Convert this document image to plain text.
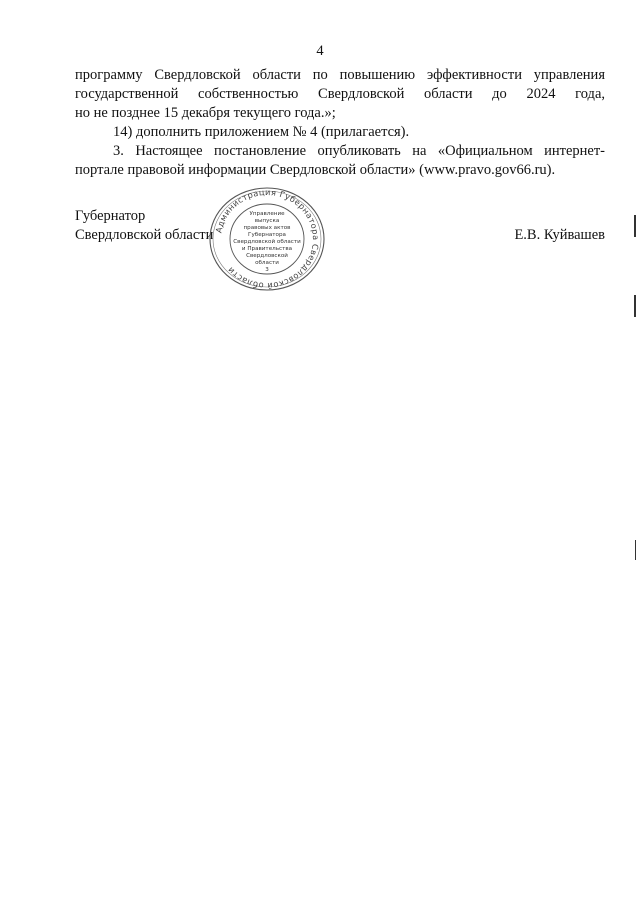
4

программу Свердловской области по повышению эффективности управления
государственной собственностью Свердловской области до 2024 года,
но не позднее 15 декабря текущего года.»;

14) дополнить приложением № 4 (прилагается).

3. Настоящее постановление опубликовать на «Официальном интернет-
портале правовой информации Свердловской области» (www.pravo.gov66.ru).

Губернатор
Свердловской области	Е.В. Куйвашев
Администрация Губернатора Свердловской области
Управление
выпуска
правовых актов
Губернатора
Свердловской области
и Правительства
Свердловской
области
3
